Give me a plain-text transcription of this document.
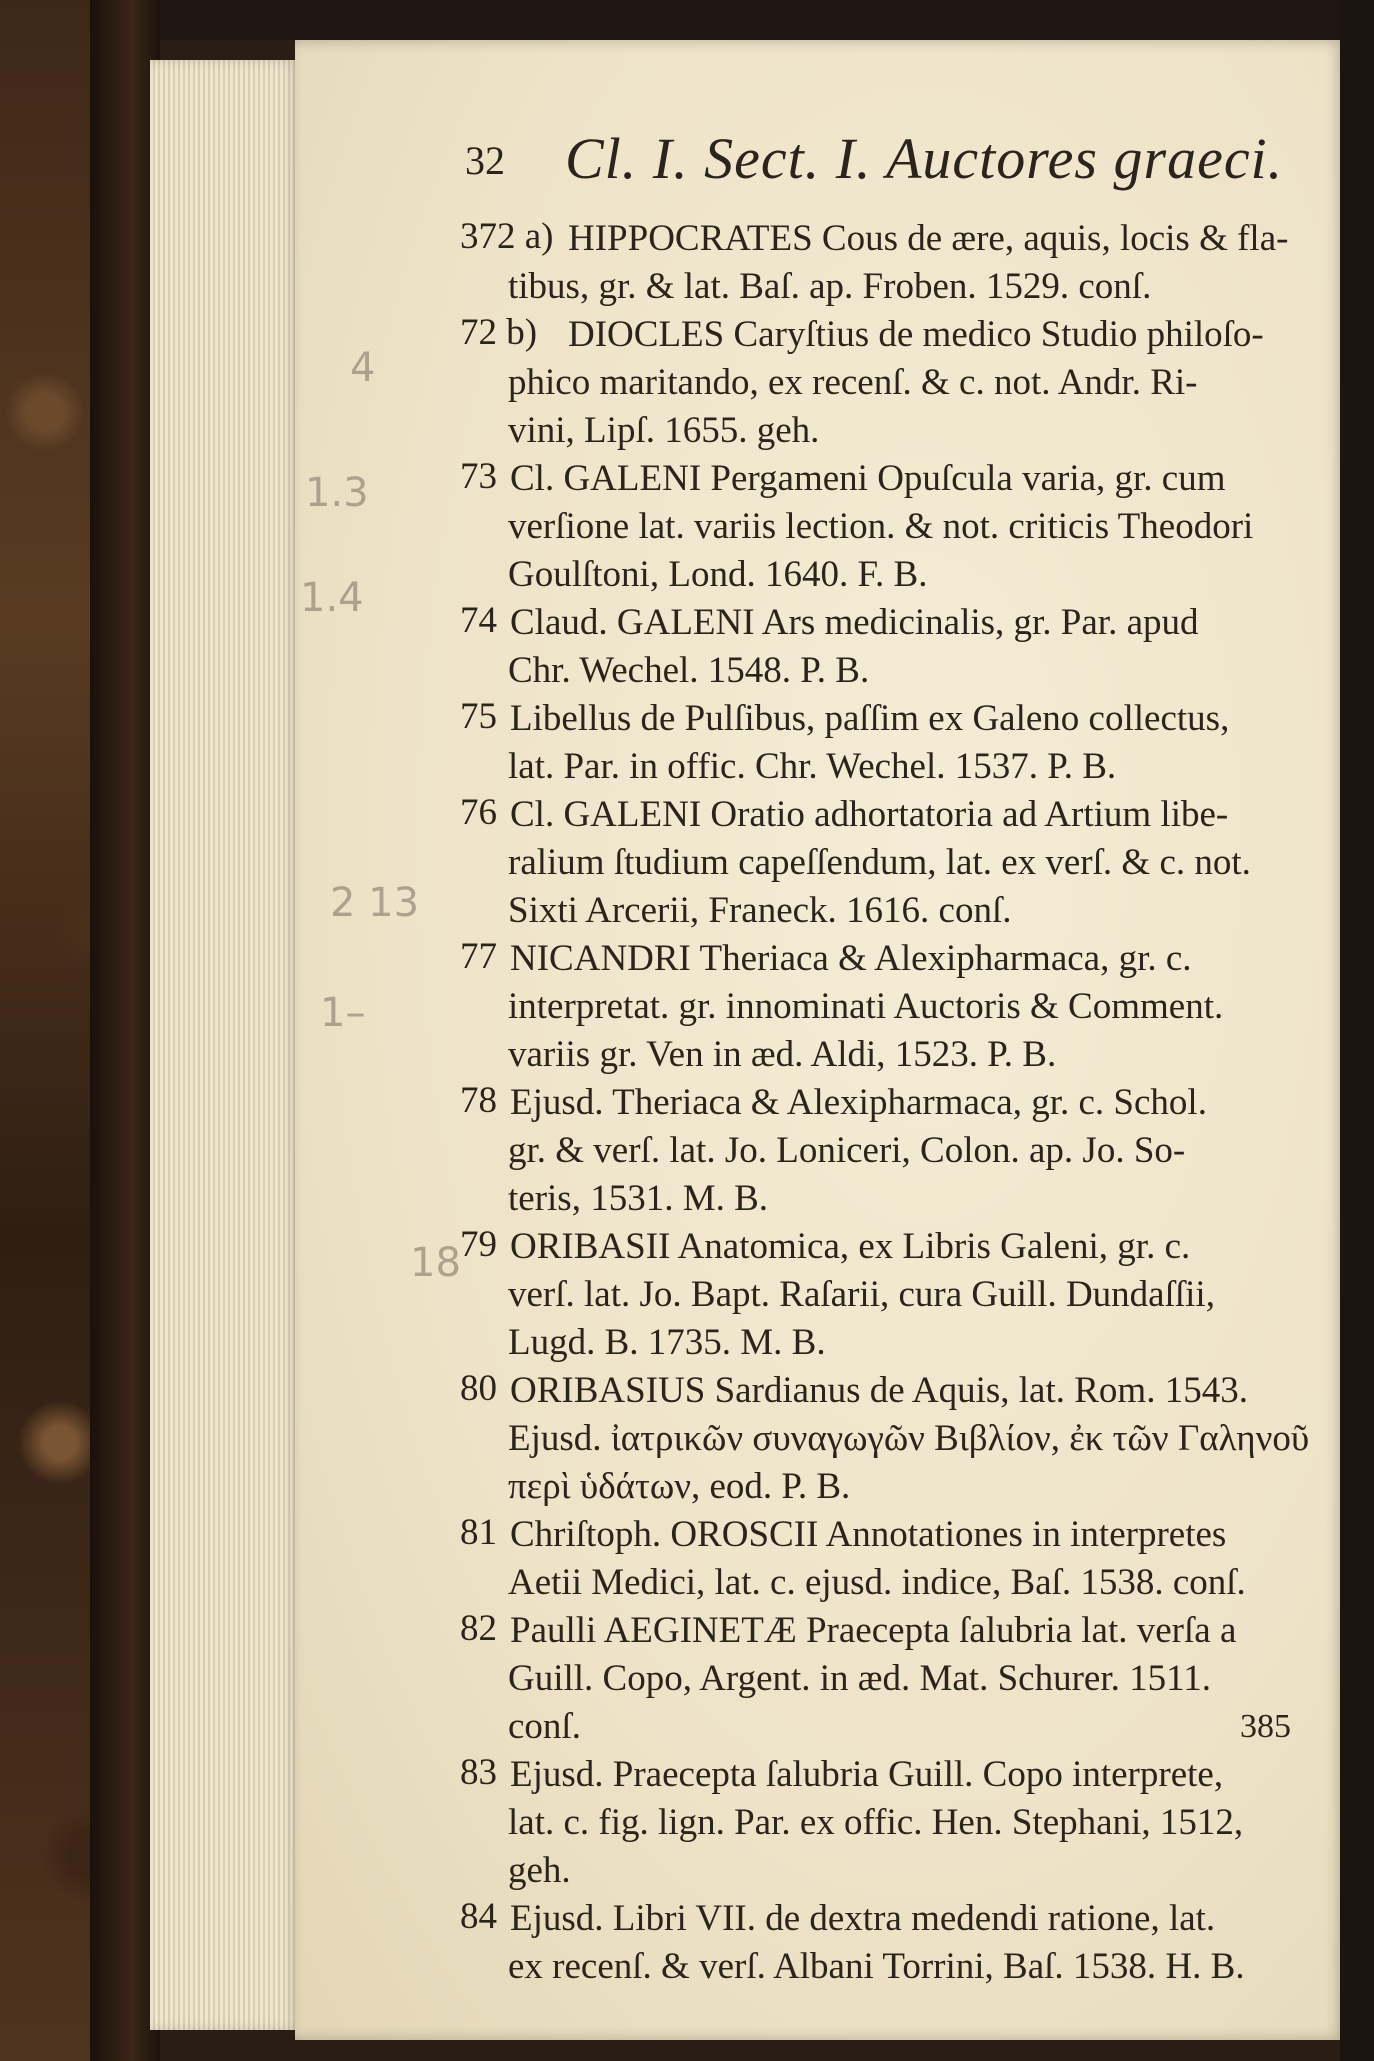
4
1.3
1.4
2 13
1–
18
32 Cl. I. Sect. I. Auctores graeci.
372 a) HIPPOCRATES Cous de ære, aquis, locis & fla-
tibus, gr. & lat. Baſ. ap. Froben. 1529. conſ.
72 b) DIOCLES Caryſtius de medico Studio philoſo-
phico maritando, ex recenſ. & c. not. Andr. Ri-
vini, Lipſ. 1655. geh.
73 Cl. GALENI Pergameni Opuſcula varia, gr. cum
verſione lat. variis lection. & not. criticis Theodori
Goulſtoni, Lond. 1640. F. B.
74 Claud. GALENI Ars medicinalis, gr. Par. apud
Chr. Wechel. 1548. P. B.
75 Libellus de Pulſibus, paſſim ex Galeno collectus,
lat. Par. in offic. Chr. Wechel. 1537. P. B.
76 Cl. GALENI Oratio adhortatoria ad Artium libe-
ralium ſtudium capeſſendum, lat. ex verſ. & c. not.
Sixti Arcerii, Franeck. 1616. conſ.
77 NICANDRI Theriaca & Alexipharmaca, gr. c.
interpretat. gr. innominati Auctoris & Comment.
variis gr. Ven in æd. Aldi, 1523. P. B.
78 Ejusd. Theriaca & Alexipharmaca, gr. c. Schol.
gr. & verſ. lat. Jo. Loniceri, Colon. ap. Jo. So-
teris, 1531. M. B.
79 ORIBASII Anatomica, ex Libris Galeni, gr. c.
verſ. lat. Jo. Bapt. Raſarii, cura Guill. Dundaſſii,
Lugd. B. 1735. M. B.
80 ORIBASIUS Sardianus de Aquis, lat. Rom. 1543.
Ejusd. ἰατρικῶν συναγωγῶν Βιβλίον, ἐκ τῶν Γαληνοῦ
περὶ ὑδάτων, eod. P. B.
81 Chriſtoph. OROSCII Annotationes in interpretes
Aetii Medici, lat. c. ejusd. indice, Baſ. 1538. conſ.
82 Paulli AEGINETÆ Praecepta ſalubria lat. verſa a
Guill. Copo, Argent. in æd. Mat. Schurer. 1511.
conſ.
83 Ejusd. Praecepta ſalubria Guill. Copo interprete,
lat. c. fig. lign. Par. ex offic. Hen. Stephani, 1512,
geh.
84 Ejusd. Libri VII. de dextra medendi ratione, lat.
ex recenſ. & verſ. Albani Torrini, Baſ. 1538. H. B.
385
